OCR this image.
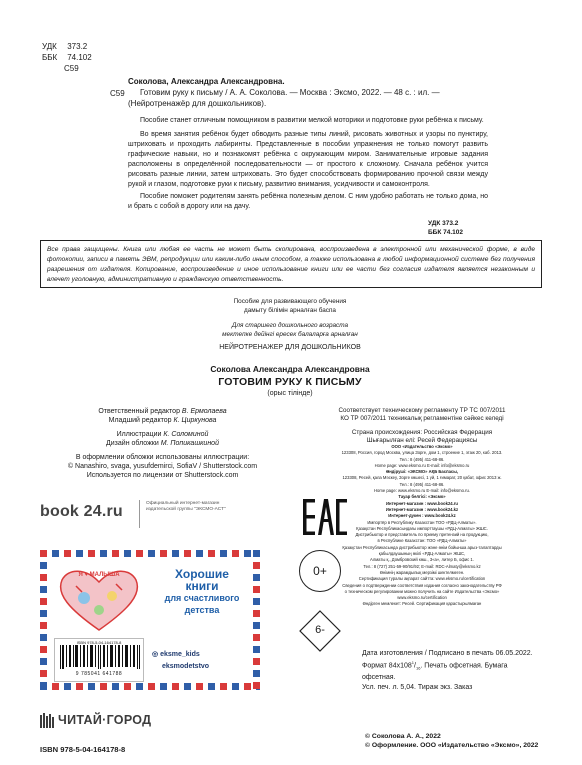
УДК 373.2
ББК 74.102
С59
С59
Соколова, Александра Александровна.
Готовим руку к письму / А. А. Соколова. — Москва : Эксмо, 2022. — 48 с. : ил. —
(Нейротренажёр для дошкольников).

Пособие станет отличным помощником в развитии мелкой моторики и подготовке руки ребёнка к письму.

Во время занятия ребёнок будет обводить разные типы линий, рисовать животных и узоры по пунктиру, штриховать и проходить лабиринты. Представленные в пособии упражнения не только помогут развить графические навыки, но и познакомят ребёнка с окружающим миром. Занимательные игровые задания расположены в определённой последовательности — от простого к сложному. Сначала ребёнок учится рисовать разные линии, затем штриховать. Это будет способствовать формированию прочной связи между рукой и глазом, подготовке руки к письму, развитию внимания, усидчивости и самоконтроля.

Пособие поможет родителям занять ребёнка полезным делом. С ним удобно работать не только дома, но и брать с собой в дорогу или на дачу.

УДК 373.2
ББК 74.102
Все права защищены. Книга или любая ее часть не может быть скопирована, воспроизведена в электронной или механической форме, в виде фотокопии, записи в память ЭВМ, репродукции или каким-либо иным способом, а также использована в любой информационной системе без получения разрешения от издателя. Копирование, воспроизведение и иное использование книги или ее части без согласия издателя является незаконным и влечет уголовную, административную и гражданскую ответственность.
Пособие для развивающего обучения
дамыту білімін арналған баспа
Для старшего дошкольного возраста
мектепке дейінгі ересек балаларға арналған
НЕЙРОТРЕНАЖЕР ДЛЯ ДОШКОЛЬНИКОВ
Соколова Александра Александровна
ГОТОВИМ РУКУ К ПИСЬМУ
(орыс тілінде)
Ответственный редактор В. Ермолаева
Младший редактор К. Циркунова
Иллюстрации К. Соломиной
Дизайн обложки М. Попикашкиной
В оформлении обложки использованы иллюстрации:
© Nanashiro, svaga, yusufdemirci, SofiaV / Shutterstock.com
Используется по лицензии от Shutterstock.com
Соответствует техническому регламенту ТР ТС 007/2011
КО ТР 007/2011 техникалық регламентіне сәйкес келеді
Страна происхождения: Российская Федерация
Шығарылған елі: Ресей Федерациясы
ООО «Издательство «Эксмо»
123308, Россия, город Москва, улица Зорге, дом 1, строение 1, этаж 20, каб. 2013.
Тел.: 8 (495) 411-68-86.
Home page: www.eksmo.ru E-mail: info@eksmo.ru
Өндіруші: «ЭКСМО» АҚБ Баспасы,
123308, Ресей, қала Мәскеу, Зорге көшесі, 1 үй, 1 ғимарат, 20 қабат, офис 2013 ж.
Тел.: 8 (495) 411-68-86.
Home page: www.eksmo.ru E-mail: info@eksmo.ru.
Тауар белгісі: «Эксмо»
Интернет-магазин : www.book24.ru
Интернет-магазин : www.book24.kz
Интернет-дүкен : www.book24.kz
Импортёр в Республику Казахстан ТОО «РДЦ-Алматы».
Қазақстан Республикасындағы импорттаушы «РДЦ-Алматы» ЖШС.
Дистрибьютор и представитель по приему претензий на продукцию,
в Республике Казахстан: ТОО «РДЦ-Алматы»
Қазақстан Республикасында дистрибьютор және өнім бойынша арыз-талаптарды
қабылдаушының өкілі «РДЦ-Алматы» ЖШС,
Алматы қ., Домбровский көш., 3«а», литер Б, офис 1.
Тел.: 8 (727) 251-59-90/91/92; E-mail: RDC-Almaty@eksmo.kz
Өнімнің жарамдылық мерзімі шектелмеген.
Сертификация туралы ақпарат сайтта: www.eksmo.ru/certification
Сведения о подтверждении соответствия издания согласно законодательству РФ
о техническом регулировании можно получить на сайте Издательства «Эксмо»
www.eksmo.ru/certification
Өндірген мемлекет: Ресей. Сертификация қарастырылмаған
book 24.ru	Официальный интернет-магазин издательской группы "ЭКСМО-АСТ"
Я ♥ МАЛЫША	Хорошие
книги
для счастливого
детства
ISBN 978-5-04-164178-8
9 785041 641788
◎ eksme_kids
eksmodetstvo
0+
6-
Дата изготовления / Подписано в печать 06.05.2022.
Формат $84х108^1/_{16}$. Печать офсетная. Бумага офсетная.
Усл. печ. л. 5,04. Тираж экз. Заказ
ЧИТАЙ·ГОРОД
ISBN 978-5-04-164178-8
© Соколова А. А., 2022
© Оформление. ООО «Издательство «Эксмо», 2022
